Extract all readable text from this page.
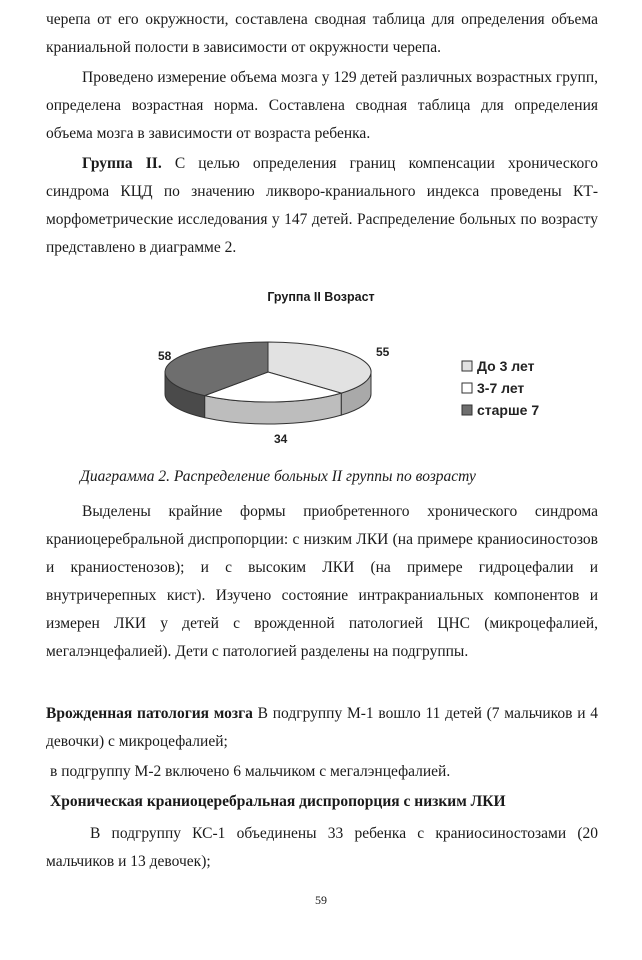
черепа от его окружности, составлена сводная таблица для определения объема краниальной полости в зависимости от окружности черепа.
Проведено измерение объема мозга у 129 детей различных возрастных групп, определена возрастная норма. Составлена сводная таблица для определения объема мозга в зависимости от возраста ребенка.
Группа II. С целью определения границ компенсации хронического синдрома КЦД по значению ликворо-краниального индекса проведены КТ-морфометрические исследования у 147 детей. Распределение больных по возрасту представлено в диаграмме 2.
Группа II Возраст
55
34
58
До 3 лет
3-7 лет
старше 7
Диаграмма 2. Распределение больных II группы по возрасту
Выделены крайние формы приобретенного хронического синдрома краниоцеребральной диспропорции: с низким ЛКИ (на примере краниосиностозов и краниостенозов); и с высоким ЛКИ (на примере гидроцефалии и внутричерепных кист). Изучено состояние интракраниальных компонентов и измерен ЛКИ у детей с врожденной патологией ЦНС (микроцефалией, мегалэнцефалией). Дети с патологией разделены на подгруппы.
Врожденная патология мозга В подгруппу М-1 вошло 11 детей (7 мальчиков и 4 девочки) с микроцефалией;
в подгруппу М-2 включено 6 мальчиком с мегалэнцефалией.
Хроническая краниоцеребральная диспропорция с низким ЛКИ
В подгруппу КС-1 объединены 33 ребенка с краниосиностозами (20 мальчиков и 13 девочек);
59
